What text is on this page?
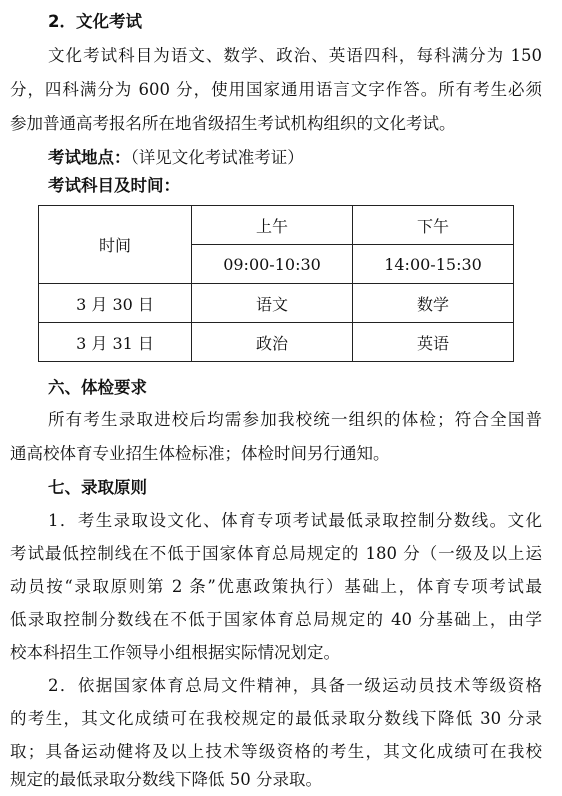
2．文化考试
文化考试科目为语文、数学、政治、英语四科，每科满分为 150
分，四科满分为 600 分，使用国家通用语言文字作答。所有考生必须
参加普通高考报名所在地省级招生考试机构组织的文化考试。
考试地点：（详见文化考试准考证）
考试科目及时间：
时间	上午	下午
	09:00-10:30	14:00-15:30
3 月 30 日	语文	数学
3 月 31 日	政治	英语
六、体检要求
所有考生录取进校后均需参加我校统一组织的体检；符合全国普
通高校体育专业招生体检标准；体检时间另行通知。
七、录取原则
1．考生录取设文化、体育专项考试最低录取控制分数线。文化
考试最低控制线在不低于国家体育总局规定的 180 分（一级及以上运
动员按“录取原则第 2 条”优惠政策执行）基础上，体育专项考试最
低录取控制分数线在不低于国家体育总局规定的 40 分基础上，由学
校本科招生工作领导小组根据实际情况划定。
2．依据国家体育总局文件精神，具备一级运动员技术等级资格
的考生，其文化成绩可在我校规定的最低录取分数线下降低 30 分录
取；具备运动健将及以上技术等级资格的考生，其文化成绩可在我校
规定的最低录取分数线下降低 50 分录取。
